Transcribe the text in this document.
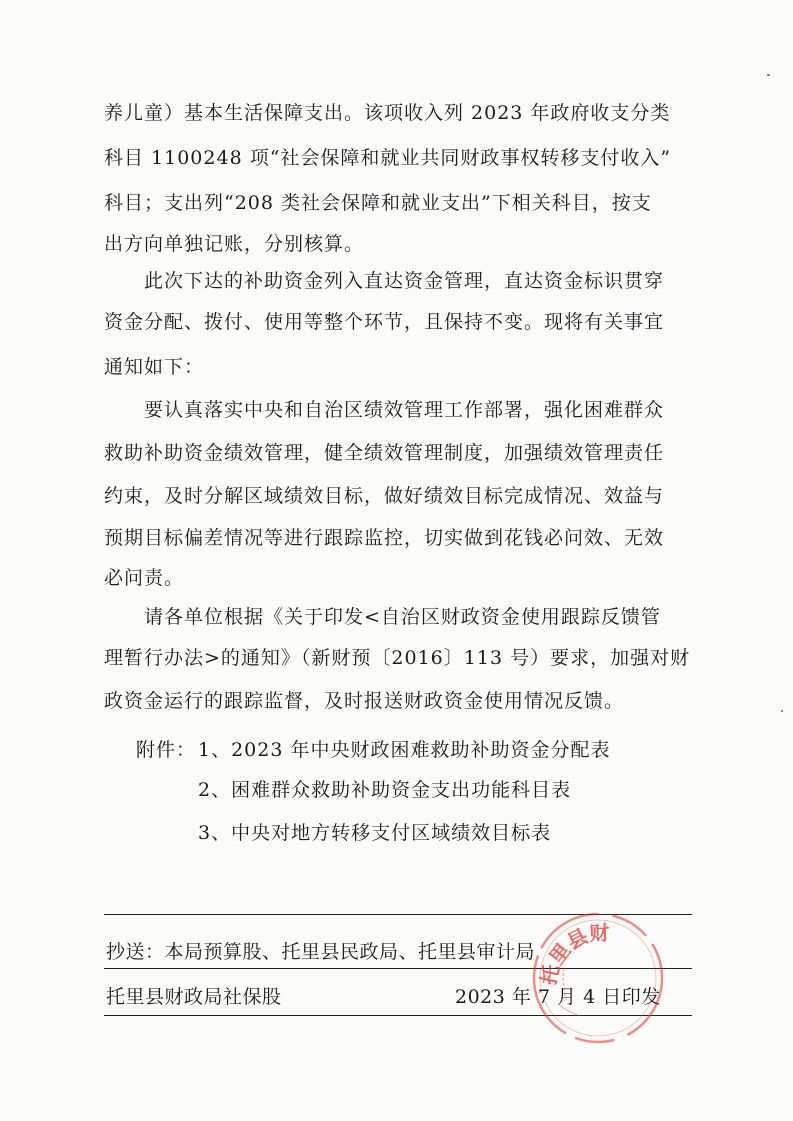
养儿童）基本生活保障支出。该项收入列 2023 年政府收支分类
科目 1100248 项“社会保障和就业共同财政事权转移支付收入”
科目；支出列“208 类社会保障和就业支出”下相关科目，按支
出方向单独记账，分别核算。
此次下达的补助资金列入直达资金管理，直达资金标识贯穿
资金分配、拨付、使用等整个环节，且保持不变。现将有关事宜
通知如下：
要认真落实中央和自治区绩效管理工作部署，强化困难群众
救助补助资金绩效管理，健全绩效管理制度，加强绩效管理责任
约束，及时分解区域绩效目标，做好绩效目标完成情况、效益与
预期目标偏差情况等进行跟踪监控，切实做到花钱必问效、无效
必问责。
请各单位根据《关于印发<自治区财政资金使用跟踪反馈管
理暂行办法>的通知》（新财预〔2016〕113 号）要求，加强对财
政资金运行的跟踪监督，及时报送财政资金使用情况反馈。
附件： 1、2023 年中央财政困难救助补助资金分配表
2、困难群众救助补助资金支出功能科目表
3、中央对地方转移支付区域绩效目标表
抄送：本局预算股、托里县民政局、托里县审计局
托里县财政局社保股	2023 年 7 月 4 日印发
托里县财
